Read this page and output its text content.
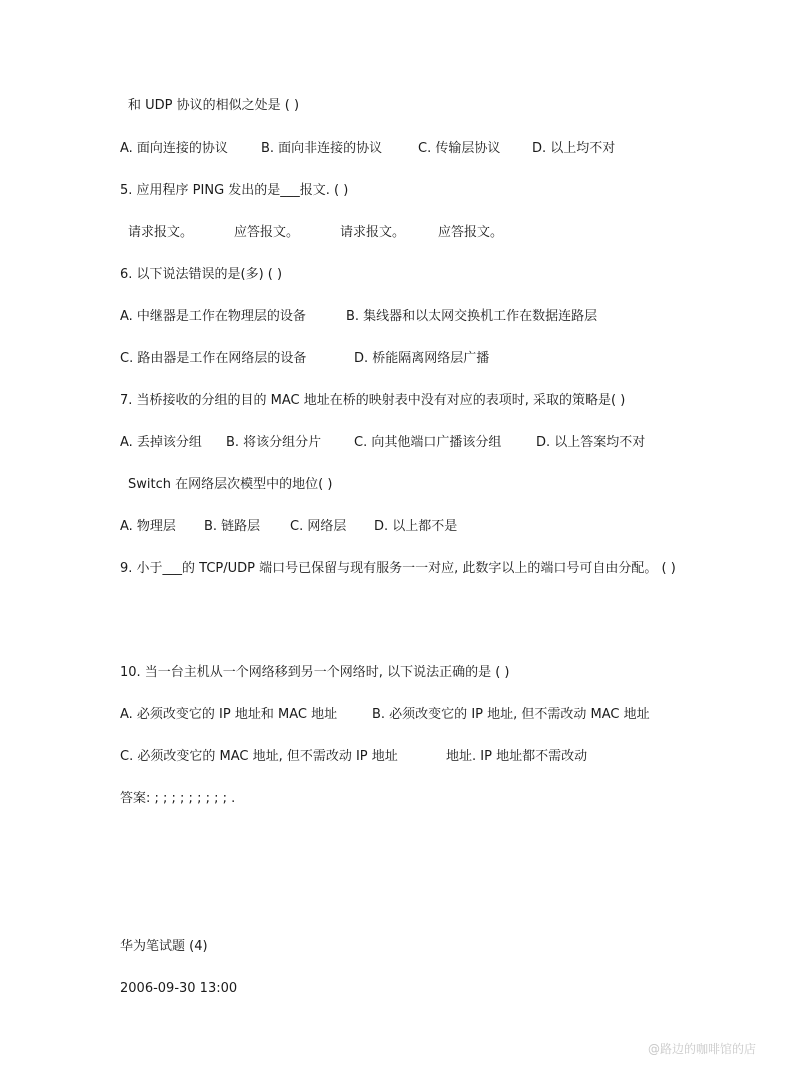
和 UDP 协议的相似之处是 ( )
A. 面向连接的协议	B. 面向非连接的协议	C. 传输层协议 D. 以上均不对
5. 应用程序 PING 发出的是___报文. ( )
请求报文。	应答报文。	请求报文。	应答报文。
6. 以下说法错误的是(多) ( )
A. 中继器是工作在物理层的设备	B. 集线器和以太网交换机工作在数据连路层
C. 路由器是工作在网络层的设备	D. 桥能隔离网络层广播
7. 当桥接收的分组的目的 MAC 地址在桥的映射表中没有对应的表项时, 采取的策略是( )
A. 丢掉该分组 B. 将该分组分片	C. 向其他端口广播该分组	D. 以上答案均不对
Switch 在网络层次模型中的地位( )
A. 物理层 B. 链路层 C. 网络层 D. 以上都不是
9. 小于___的 TCP/UDP 端口号已保留与现有服务一一对应, 此数字以上的端口号可自由分配。 ( )
10. 当一台主机从一个网络移到另一个网络时, 以下说法正确的是 ( )
A. 必须改变它的 IP 地址和 MAC 地址	B. 必须改变它的 IP 地址, 但不需改动 MAC 地址
C. 必须改变它的 MAC 地址, 但不需改动 IP 地址	地址. IP 地址都不需改动
答案: ; ; ; ; ; ; ; ; ; .
华为笔试题 (4)
2006-09-30 13:00
@路边的咖啡馆的店
